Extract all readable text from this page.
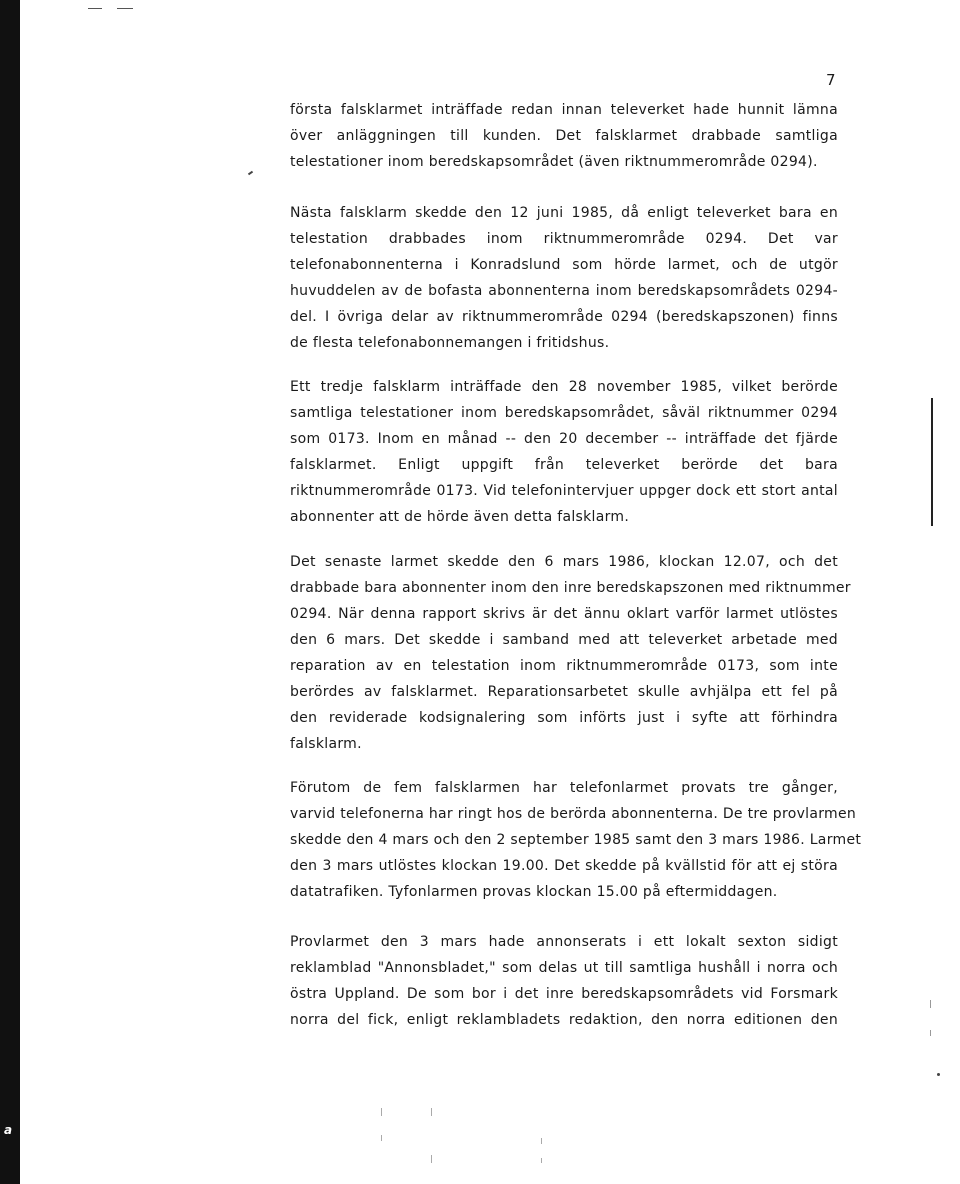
a
7
första falsklarmet inträffade redan innan televerket hade hunnit lämna
över anläggningen till kunden. Det falsklarmet drabbade samtliga
telestationer inom beredskapsområdet (även riktnummerområde 0294).
Nästa falsklarm skedde den 12 juni 1985, då enligt televerket bara en
telestation drabbades inom riktnummerområde 0294. Det var
telefonabonnenterna i Konradslund som hörde larmet, och de utgör
huvuddelen av de bofasta abonnenterna inom beredskapsområdets 0294-
del. I övriga delar av riktnummerområde 0294 (beredskapszonen) finns
de flesta telefonabonnemangen i fritidshus.
Ett tredje falsklarm inträffade den 28 november 1985, vilket berörde
samtliga telestationer inom beredskapsområdet, såväl riktnummer 0294
som 0173. Inom en månad -- den 20 december -- inträffade det fjärde
falsklarmet. Enligt uppgift från televerket berörde det bara
riktnummerområde 0173. Vid telefonintervjuer uppger dock ett stort antal
abonnenter att de hörde även detta falsklarm.
Det senaste larmet skedde den 6 mars 1986, klockan 12.07, och det
drabbade bara abonnenter inom den inre beredskapszonen med riktnummer
0294. När denna rapport skrivs är det ännu oklart varför larmet utlöstes
den 6 mars. Det skedde i samband med att televerket arbetade med
reparation av en telestation inom riktnummerområde 0173, som inte
berördes av falsklarmet. Reparationsarbetet skulle avhjälpa ett fel på
den reviderade kodsignalering som införts just i syfte att förhindra
falsklarm.
Förutom de fem falsklarmen har telefonlarmet provats tre gånger,
varvid telefonerna har ringt hos de berörda abonnenterna. De tre provlarmen
skedde den 4 mars och den 2 september 1985 samt den 3 mars 1986. Larmet
den 3 mars utlöstes klockan 19.00. Det skedde på kvällstid för att ej störa
datatrafiken. Tyfonlarmen provas klockan 15.00 på eftermiddagen.
Provlarmet den 3 mars hade annonserats i ett lokalt sexton sidigt
reklamblad "Annonsbladet," som delas ut till samtliga hushåll i norra och
östra Uppland. De som bor i det inre beredskapsområdets vid Forsmark
norra del fick, enligt reklambladets redaktion, den norra editionen den
